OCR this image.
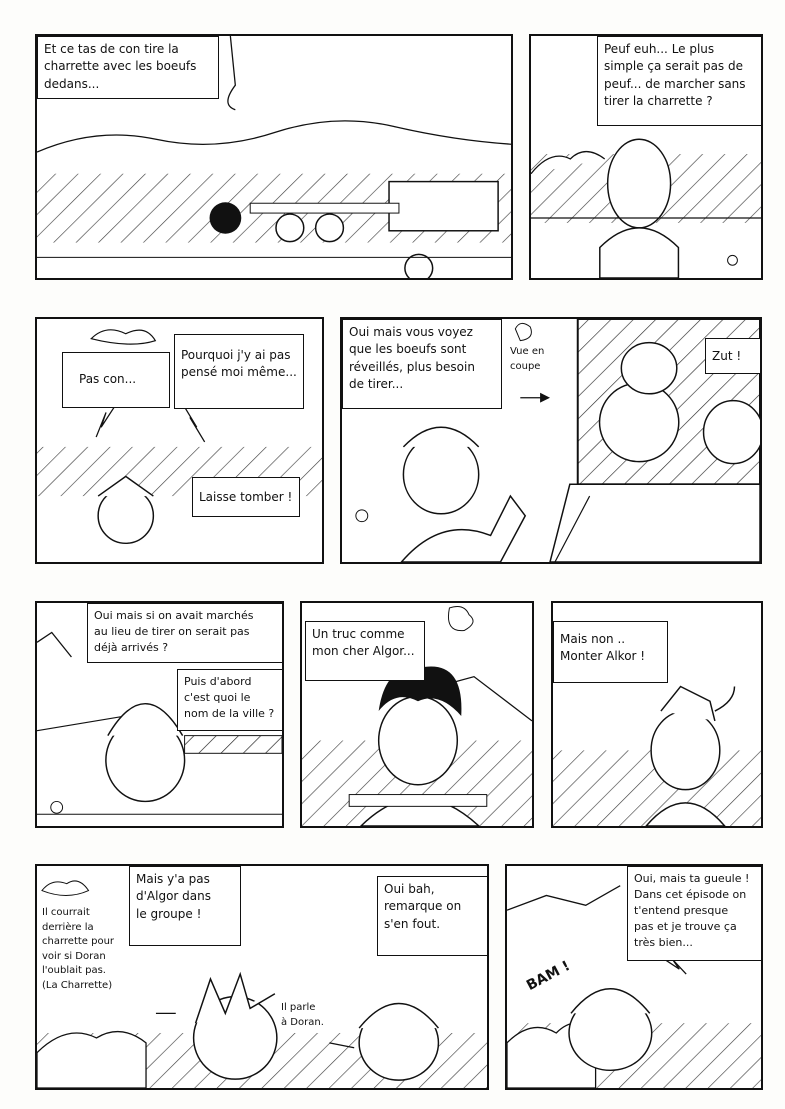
Et ce tas de con tire la
charrette avec les boeufs
dedans...
Peuf euh... Le plus
simple ça serait pas de
peuf... de marcher sans
tirer la charrette ?
Pas con...
Pourquoi j'y ai pas
pensé moi même...
Laisse tomber !
Oui mais vous voyez
que les boeufs sont
réveillés, plus besoin
de tirer...
Vue en
coupe
Zut !
Oui mais si on avait marchés
au lieu de tirer on serait pas
déjà arrivés ?
Puis d'abord
c'est quoi le
nom de la ville ?
Un truc comme
mon cher Algor...
Mais non ..
Monter Alkor !
Il courrait
derrière la
charrette pour
voir si Doran
l'oublait pas.
(La Charrette)
Mais y'a pas
d'Algor dans
le groupe !
Oui bah,
remarque on
s'en fout.
Il parle
à Doran.
Oui, mais ta gueule !
Dans cet épisode on
t'entend presque
pas et je trouve ça
très bien...
BAM !
